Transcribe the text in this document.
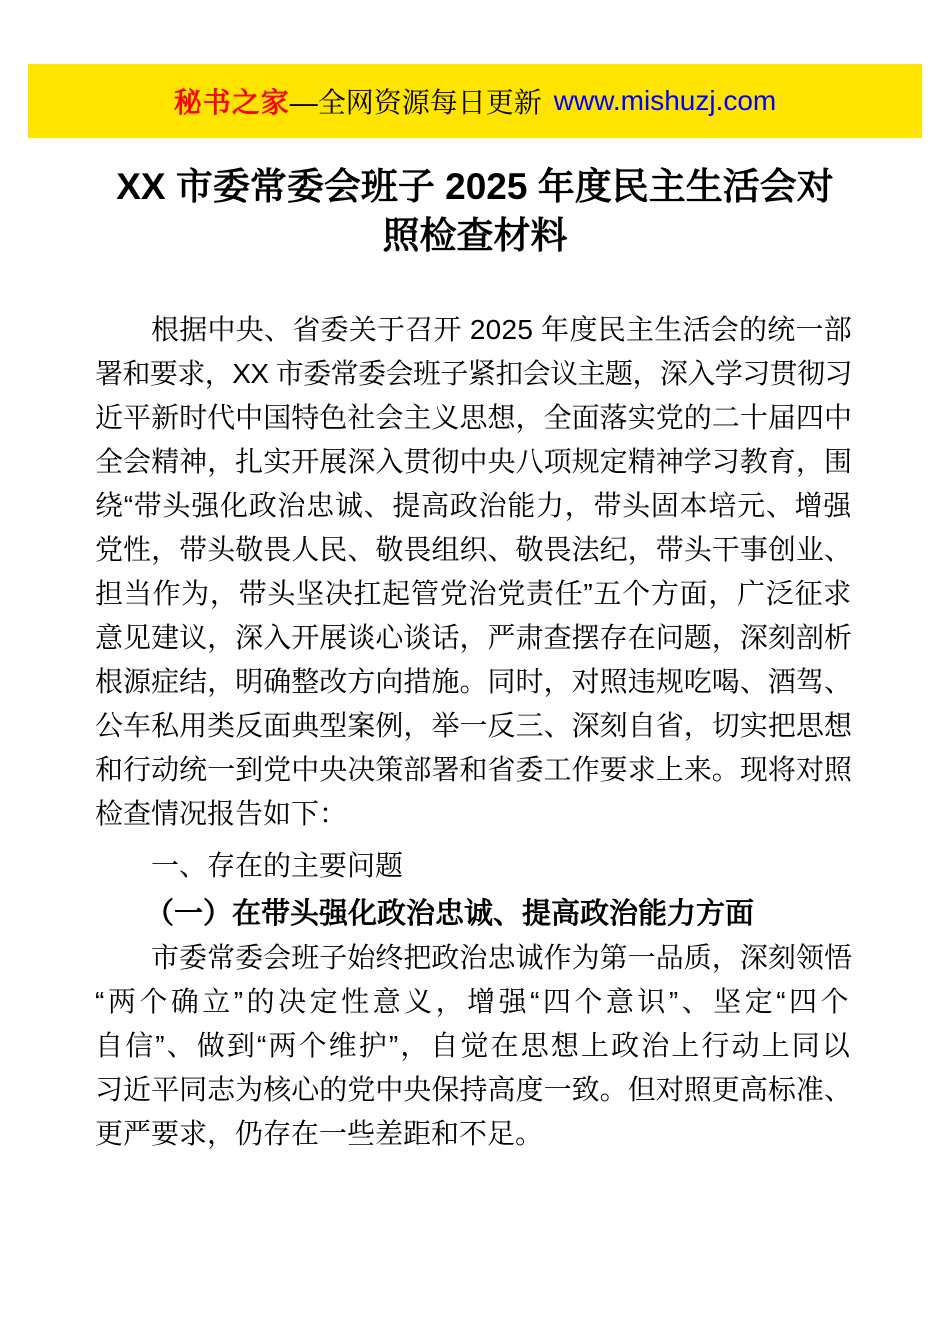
秘书之家 —全网资源每日更新 www.mishuzj.com
XX 市委常委会班子 2025 年度民主生活会对
照检查材料
根据中央、省委关于召开 2025 年度民主生活会的统一部
署和要求，XX 市委常委会班子紧扣会议主题，深入学习贯彻习
近平新时代中国特色社会主义思想，全面落实党的二十届四中
全会精神，扎实开展深入贯彻中央八项规定精神学习教育，围
绕“带头强化政治忠诚、提高政治能力，带头固本培元、增强
党性，带头敬畏人民、敬畏组织、敬畏法纪，带头干事创业、
担当作为，带头坚决扛起管党治党责任”五个方面，广泛征求
意见建议，深入开展谈心谈话，严肃查摆存在问题，深刻剖析
根源症结，明确整改方向措施。同时，对照违规吃喝、酒驾、
公车私用类反面典型案例，举一反三、深刻自省，切实把思想
和行动统一到党中央决策部署和省委工作要求上来。现将对照
检查情况报告如下：
一、存在的主要问题
（一）在带头强化政治忠诚、提高政治能力方面
市委常委会班子始终把政治忠诚作为第一品质，深刻领悟
“两个确立”的决定性意义，增强“四个意识”、坚定“四个
自信”、做到“两个维护”，自觉在思想上政治上行动上同以
习近平同志为核心的党中央保持高度一致。但对照更高标准、
更严要求，仍存在一些差距和不足。
